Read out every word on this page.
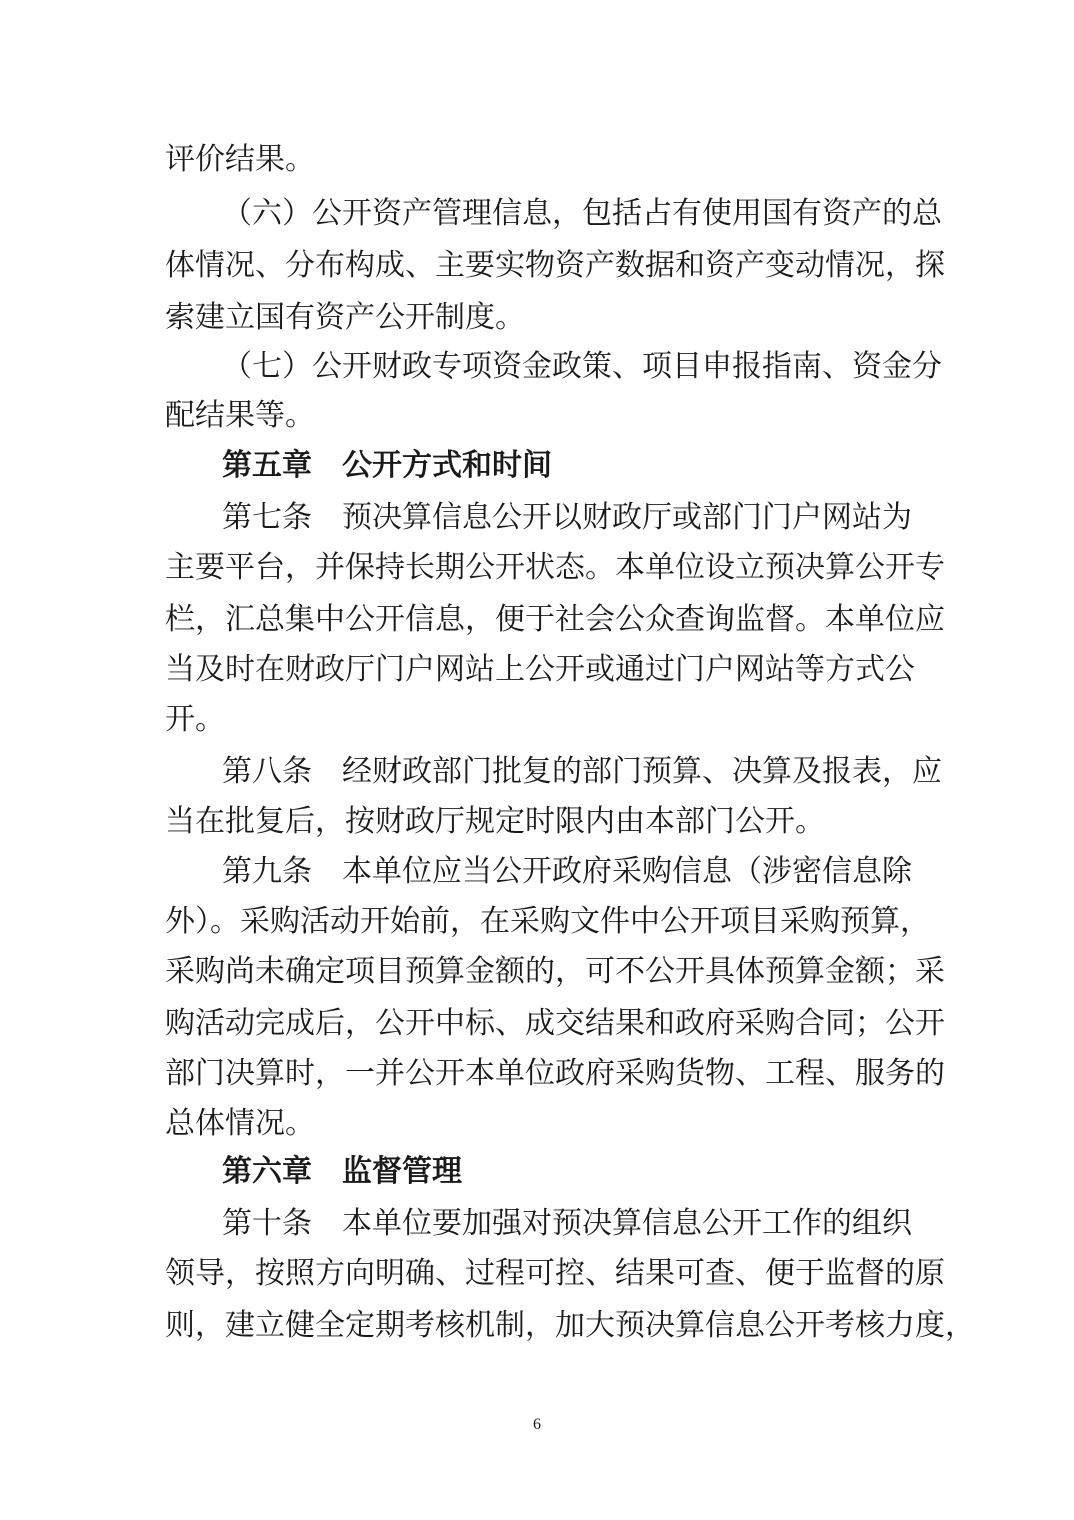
评价结果。
（六）公开资产管理信息，包括占有使用国有资产的总
体情况、分布构成、主要实物资产数据和资产变动情况，探
索建立国有资产公开制度。
（七）公开财政专项资金政策、项目申报指南、资金分
配结果等。
第五章　公开方式和时间
第七条　预决算信息公开以财政厅或部门门户网站为
主要平台，并保持长期公开状态。本单位设立预决算公开专
栏，汇总集中公开信息，便于社会公众查询监督。本单位应
当及时在财政厅门户网站上公开或通过门户网站等方式公
开。
第八条　经财政部门批复的部门预算、决算及报表，应
当在批复后，按财政厅规定时限内由本部门公开。
第九条　本单位应当公开政府采购信息（涉密信息除
外）。采购活动开始前，在采购文件中公开项目采购预算，
采购尚未确定项目预算金额的，可不公开具体预算金额；采
购活动完成后，公开中标、成交结果和政府采购合同；公开
部门决算时，一并公开本单位政府采购货物、工程、服务的
总体情况。
第六章　监督管理
第十条　本单位要加强对预决算信息公开工作的组织
领导，按照方向明确、过程可控、结果可查、便于监督的原
则，建立健全定期考核机制，加大预决算信息公开考核力度，
6
